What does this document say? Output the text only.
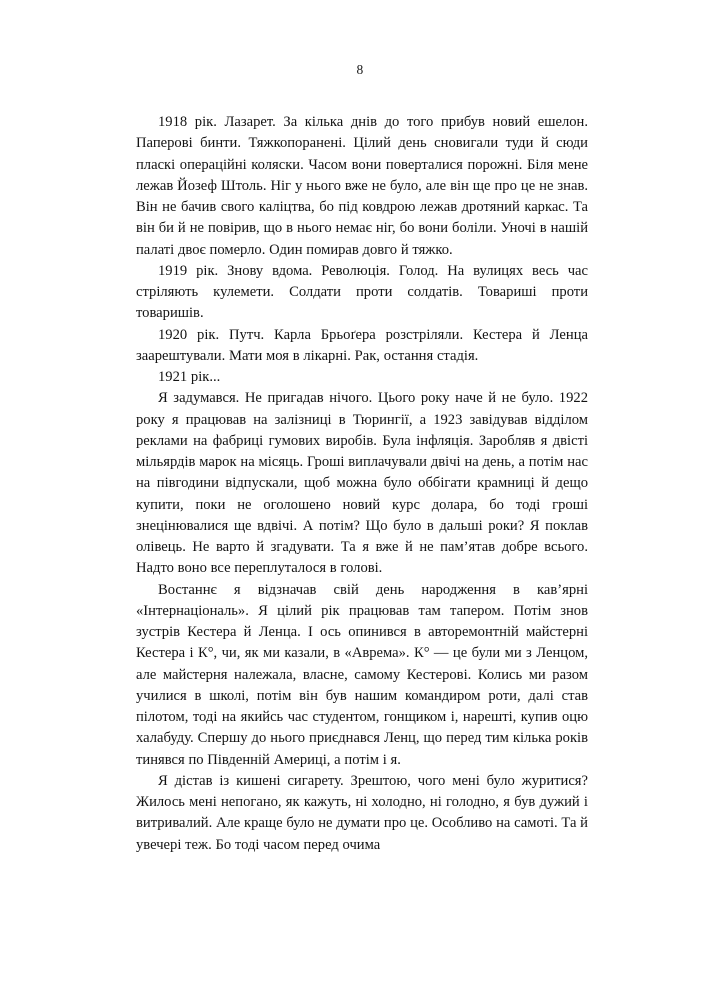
8

1918 рік. Лазарет. За кілька днів до того прибув новий ешелон. Паперові бинти. Тяжкопоранені. Цілий день сновигали туди й сюди пласкі операційні коляски. Часом вони поверталися порожні. Біля мене лежав Йозеф Штоль. Ніг у нього вже не було, але він ще про це не знав. Він не бачив свого каліцтва, бо під ковдрою лежав дротяний каркас. Та він би й не повірив, що в нього немає ніг, бо вони боліли. Уночі в нашій палаті двоє померло. Один помирав довго й тяжко.

1919 рік. Знову вдома. Революція. Голод. На вулицях весь час стріляють кулемети. Солдати проти солдатів. Товариші проти товаришів.

1920 рік. Путч. Карла Брьоґера розстріляли. Кестера й Ленца заарештували. Мати моя в лікарні. Рак, остання стадія.

1921 рік...

Я задумався. Не пригадав нічого. Цього року наче й не було. 1922 року я працював на залізниці в Тюрингії, а 1923 завідував відділом реклами на фабриці гумових виробів. Була інфляція. Заробляв я двісті мільярдів марок на місяць. Гроші виплачували двічі на день, а потім нас на півгодини відпускали, щоб можна було оббігати крамниці й дещо купити, поки не оголошено новий курс долара, бо тоді гроші знецінювалися ще вдвічі. А потім? Що було в дальші роки? Я поклав олівець. Не варто й згадувати. Та я вже й не пам’ятав добре всього. Надто воно все переплуталося в голові.

Востаннє я відзначав свій день народження в кав’ярні «Інтернаціональ». Я цілий рік працював там тапером. Потім знов зустрів Кестера й Ленца. І ось опинився в авторемонтній майстерні Кестера і К°, чи, як ми казали, в «Аврема». К° — це були ми з Ленцом, але майстерня належала, власне, самому Кестерові. Колись ми разом училися в школі, потім він був нашим командиром роти, далі став пілотом, тоді на якийсь час студентом, гонщиком і, нарешті, купив оцю халабуду. Спершу до нього приєднався Ленц, що перед тим кілька років тинявся по Південній Америці, а потім і я.

Я дістав із кишені сигарету. Зрештою, чого мені було журитися? Жилось мені непогано, як кажуть, ні холодно, ні голодно, я був дужий і витривалий. Але краще було не думати про це. Особливо на самоті. Та й увечері теж. Бо тоді часом перед очима
